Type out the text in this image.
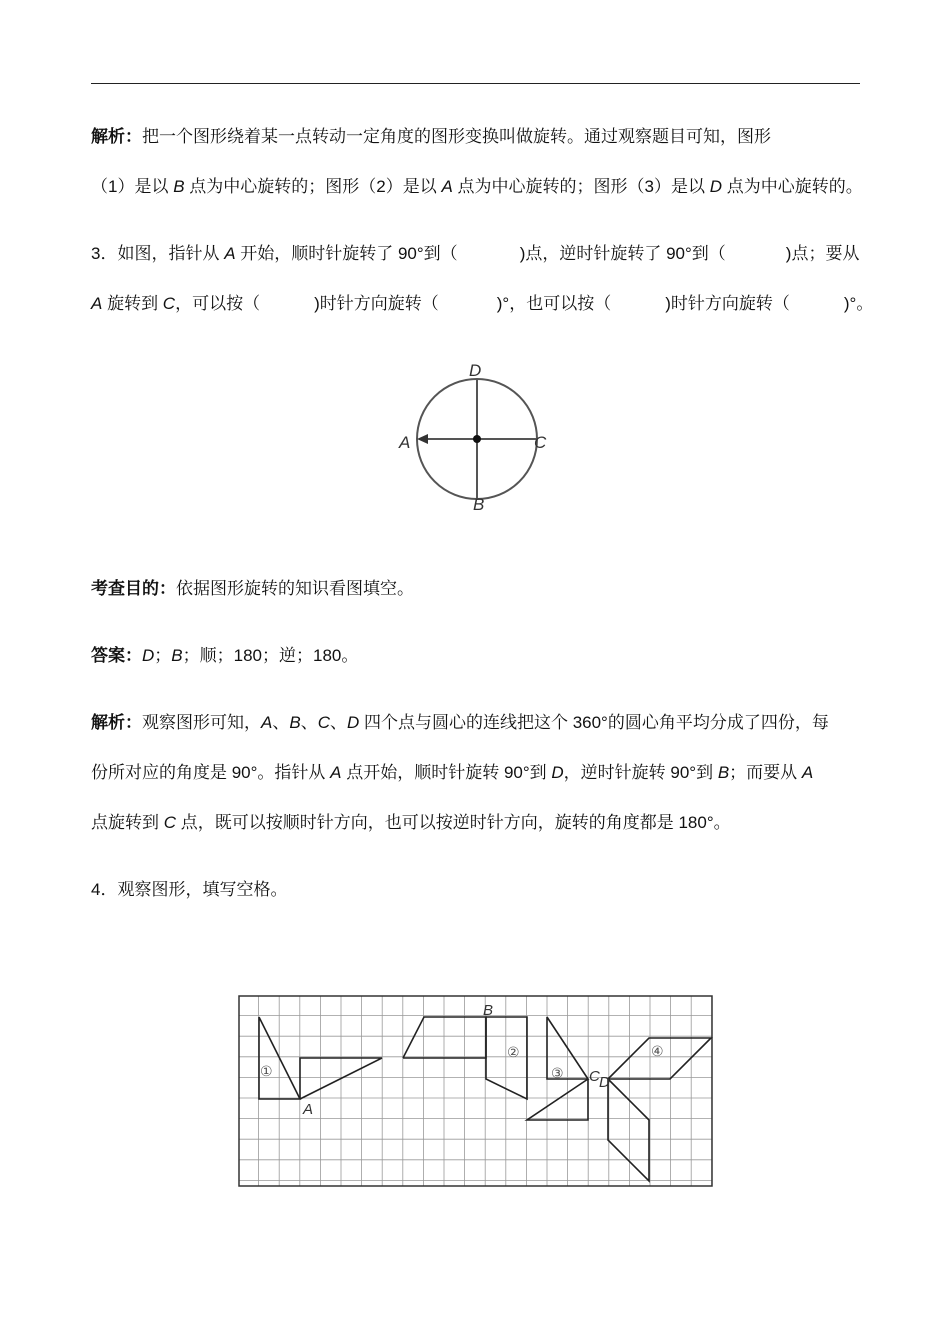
解析：把一个图形绕着某一点转动一定角度的图形变换叫做旋转。通过观察题目可知，图形
（1）是以 B 点为中心旋转的；图形（2）是以 A 点为中心旋转的；图形（3）是以 D 点为中心旋转的。
3．如图，指针从 A 开始，顺时针旋转了 90°到（	)点，逆时针旋转了 90°到（	)点；要从
A 旋转到 C，可以按（	)时针方向旋转（	)°，也可以按（	)时针方向旋转（	)°。
D
A	C
B
考查目的：依据图形旋转的知识看图填空。
答案：D；B；顺；180；逆；180。
解析：观察图形可知，A、B、C、D 四个点与圆心的连线把这个 360°的圆心角平均分成了四份，每
份所对应的角度是 90°。指针从 A 点开始，顺时针旋转 90°到 D，逆时针旋转 90°到 B；而要从 A
点旋转到 C 点，既可以按顺时针方向，也可以按逆时针方向，旋转的角度都是 180°。
4．观察图形，填写空格。
B
①
②
③ C D
④
A
